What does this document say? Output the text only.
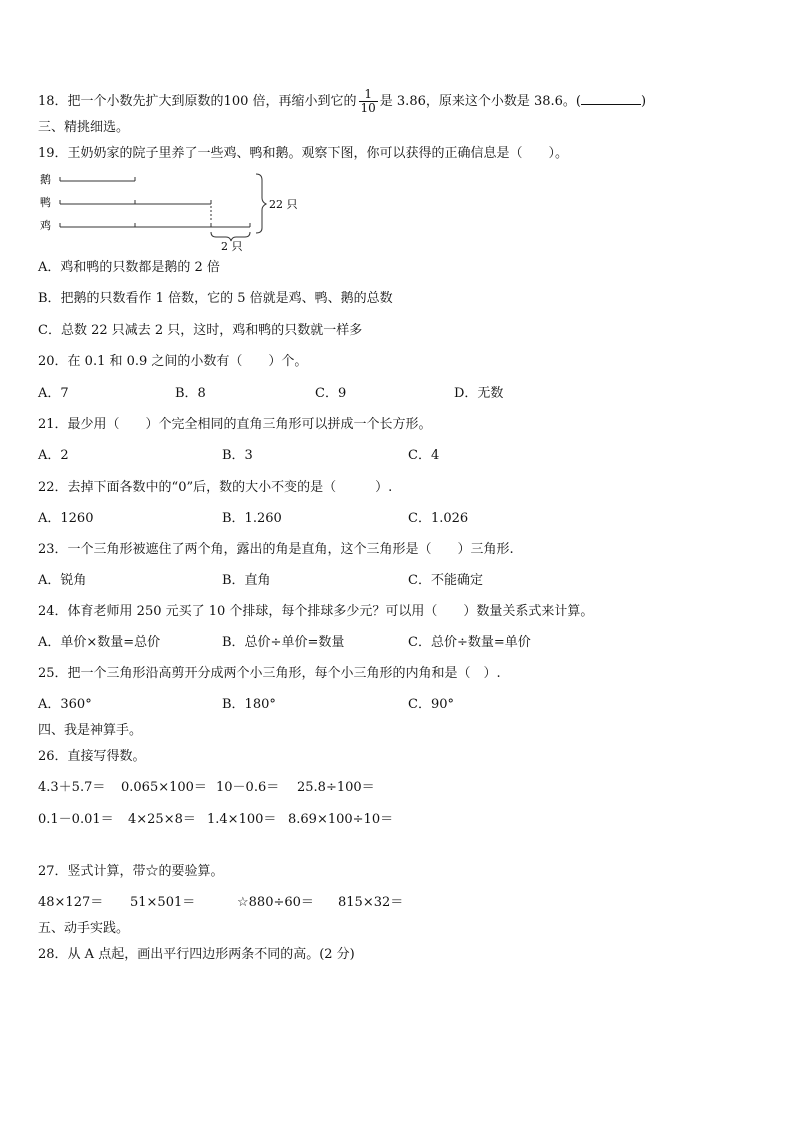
18．把一个小数先扩大到原数的100 倍，再缩小到它的 $\frac{1}{10}$ 是 3.86，原来这个小数是 38.6。(	)
三、精挑细选。
19．王奶奶家的院子里养了一些鸡、鸭和鹅。观察下图，你可以获得的正确信息是（　　）。
鹅
鸭
鸡
22 只
2 只
A．鸡和鸭的只数都是鹅的 2 倍
B．把鹅的只数看作 1 倍数，它的 5 倍就是鸡、鸭、鹅的总数
C．总数 22 只减去 2 只，这时，鸡和鸭的只数就一样多
20．在 0.1 和 0.9 之间的小数有（　　）个。
A．7	B．8	C．9	D．无数
21．最少用（　　）个完全相同的直角三角形可以拼成一个长方形。
A．2	B．3	C．4
22．去掉下面各数中的“0”后，数的大小不变的是（　　　）.
A．1260	B．1.260	C．1.026
23．一个三角形被遮住了两个角，露出的角是直角，这个三角形是（　　）三角形.
A．锐角	B．直角	C．不能确定
24．体育老师用 250 元买了 10 个排球，每个排球多少元？可以用（　　）数量关系式来计算。
A．单价×数量=总价	B．总价÷单价=数量	C．总价÷数量=单价
25．把一个三角形沿高剪开分成两个小三角形，每个小三角形的内角和是（　）.
A．360°	B．180°	C．90°
四、我是神算手。
26．直接写得数。
4.3＋5.7＝ 0.065×100＝ 10－0.6＝ 25.8÷100＝
0.1－0.01＝ 4×25×8＝ 1.4×100＝ 8.69×100÷10＝
27．竖式计算，带☆的要验算。
48×127＝ 51×501＝	☆880÷60＝ 815×32＝
五、动手实践。
28．从 A 点起，画出平行四边形两条不同的高。(2 分)
